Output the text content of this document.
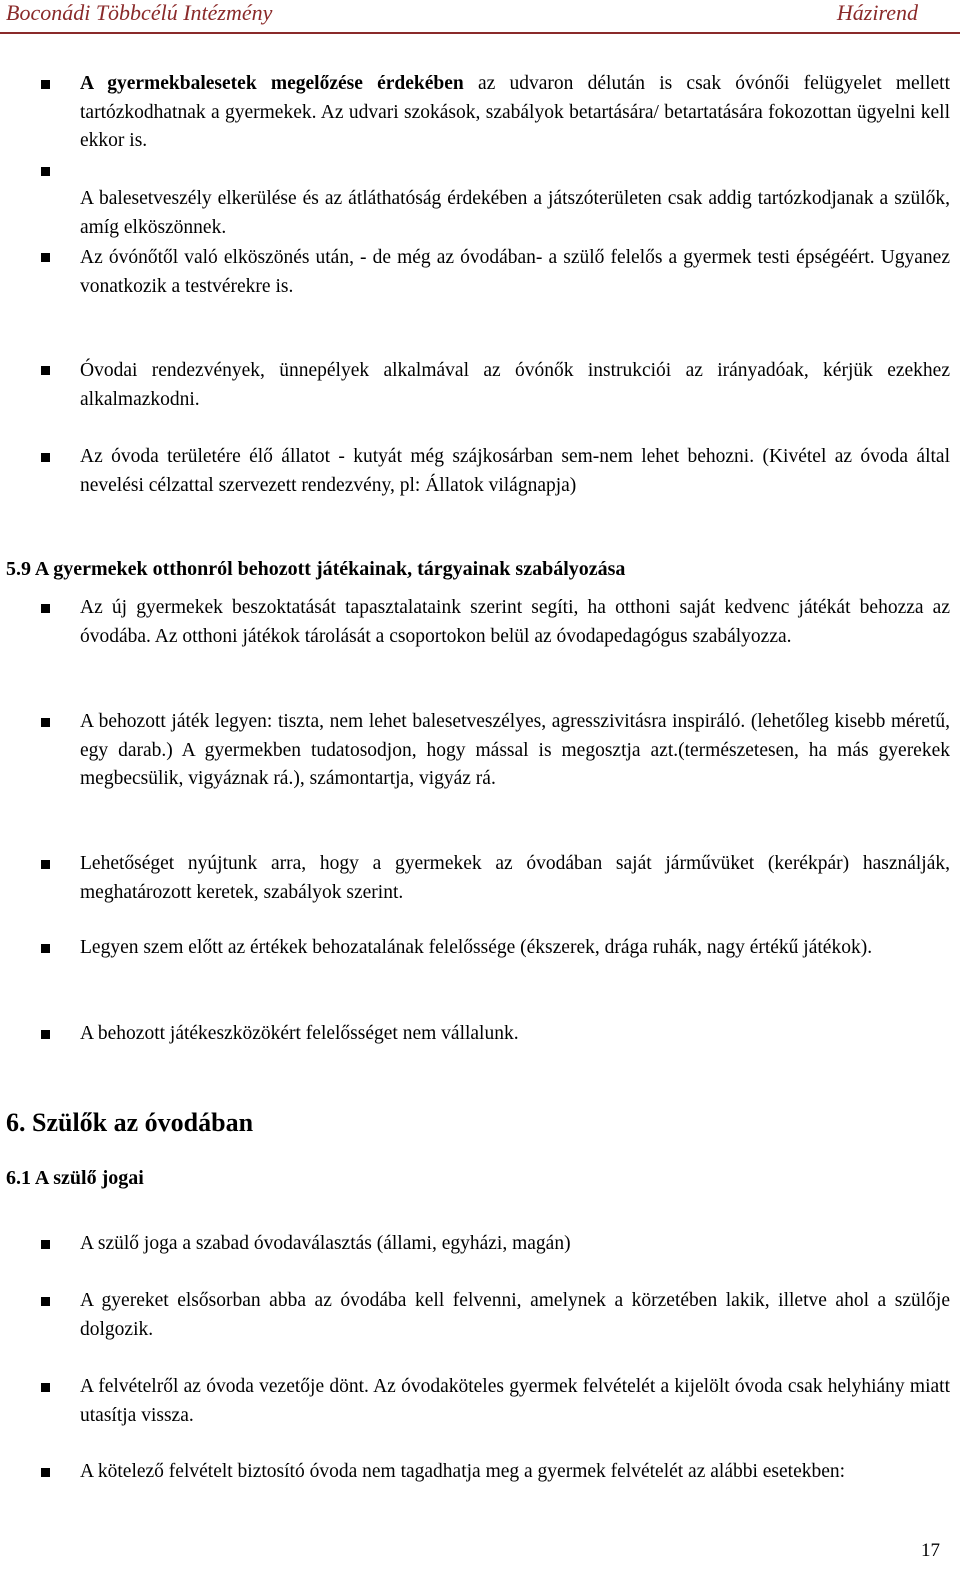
Boconádi Többcélú Intézmény	Házirend
A gyermekbalesetek megelőzése érdekében az udvaron délután is csak óvónői felügyelet mellett tartózkodhatnak a gyermekek. Az udvari szokások, szabályok betartására/ betartatására fokozottan ügyelni kell ekkor is.
A balesetveszély elkerülése és az átláthatóság érdekében a játszóterületen csak addig tartózkodjanak a szülők, amíg elköszönnek.
Az óvónőtől való elköszönés után, - de még az óvodában- a szülő felelős a gyermek testi épségéért. Ugyanez vonatkozik a testvérekre is.
Óvodai rendezvények, ünnepélyek alkalmával az óvónők instrukciói az irányadóak, kérjük ezekhez alkalmazkodni.
Az óvoda területére élő állatot - kutyát még szájkosárban sem-nem lehet behozni. (Kivétel az óvoda által nevelési célzattal szervezett rendezvény, pl: Állatok világnapja)
5.9 A gyermekek otthonról behozott játékainak, tárgyainak szabályozása
Az új gyermekek beszoktatását tapasztalataink szerint segíti, ha otthoni saját kedvenc játékát behozza az óvodába. Az otthoni játékok tárolását a csoportokon belül az óvodapedagógus szabályozza.
A behozott játék legyen: tiszta, nem lehet balesetveszélyes, agresszivitásra inspiráló. (lehetőleg kisebb méretű, egy darab.) A gyermekben tudatosodjon, hogy mással is megosztja azt.(természetesen, ha más gyerekek megbecsülik, vigyáznak rá.), számontartja, vigyáz rá.
Lehetőséget nyújtunk arra, hogy a gyermekek az óvodában saját járművüket (kerékpár) használják, meghatározott keretek, szabályok szerint.
Legyen szem előtt az értékek behozatalának felelőssége (ékszerek, drága ruhák, nagy értékű játékok).
A behozott játékeszközökért felelősséget nem vállalunk.
6. Szülők az óvodában
6.1 A szülő jogai
A szülő joga a szabad óvodaválasztás (állami, egyházi, magán)
A gyereket elsősorban abba az óvodába kell felvenni, amelynek a körzetében lakik, illetve ahol a szülője dolgozik.
A felvételről az óvoda vezetője dönt. Az óvodaköteles gyermek felvételét a kijelölt óvoda csak helyhiány miatt utasítja vissza.
A kötelező felvételt biztosító óvoda nem tagadhatja meg a gyermek felvételét az alábbi esetekben:
17
